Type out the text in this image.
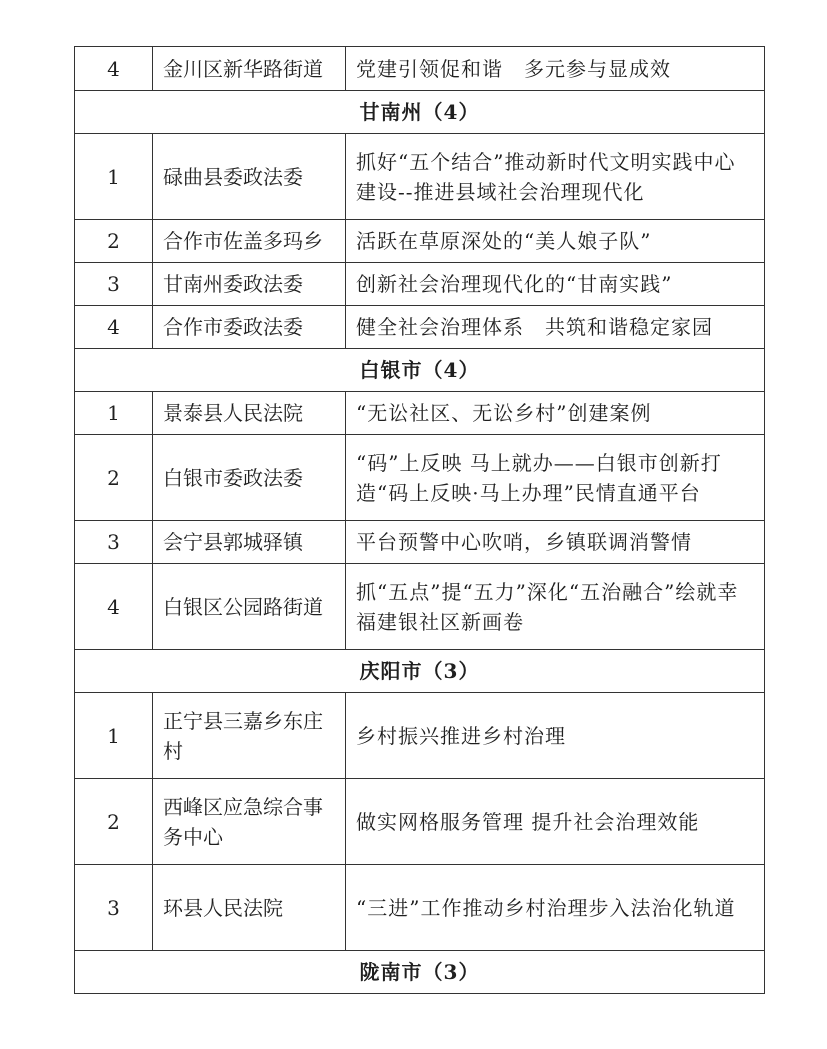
4	金川区新华路街道	党建引领促和谐　多元参与显成效
甘南州（4）		
1	碌曲县委政法委	抓好“五个结合”推动新时代文明实践中心建设--推进县域社会治理现代化
2	合作市佐盖多玛乡	活跃在草原深处的“美人娘子队”
3	甘南州委政法委	创新社会治理现代化的“甘南实践”
4	合作市委政法委	健全社会治理体系　共筑和谐稳定家园
白银市（4）		
1	景泰县人民法院	“无讼社区、无讼乡村”创建案例
2	白银市委政法委	“码”上反映 马上就办——白银市创新打造“码上反映·马上办理”民情直通平台
3	会宁县郭城驿镇	平台预警中心吹哨，乡镇联调消警情
4	白银区公园路街道	抓“五点”提“五力”深化“五治融合”绘就幸福建银社区新画卷
庆阳市（3）		
1	正宁县三嘉乡东庄村	乡村振兴推进乡村治理
2	西峰区应急综合事务中心	做实网格服务管理 提升社会治理效能
3	环县人民法院	“三进”工作推动乡村治理步入法治化轨道
陇南市（3）		
